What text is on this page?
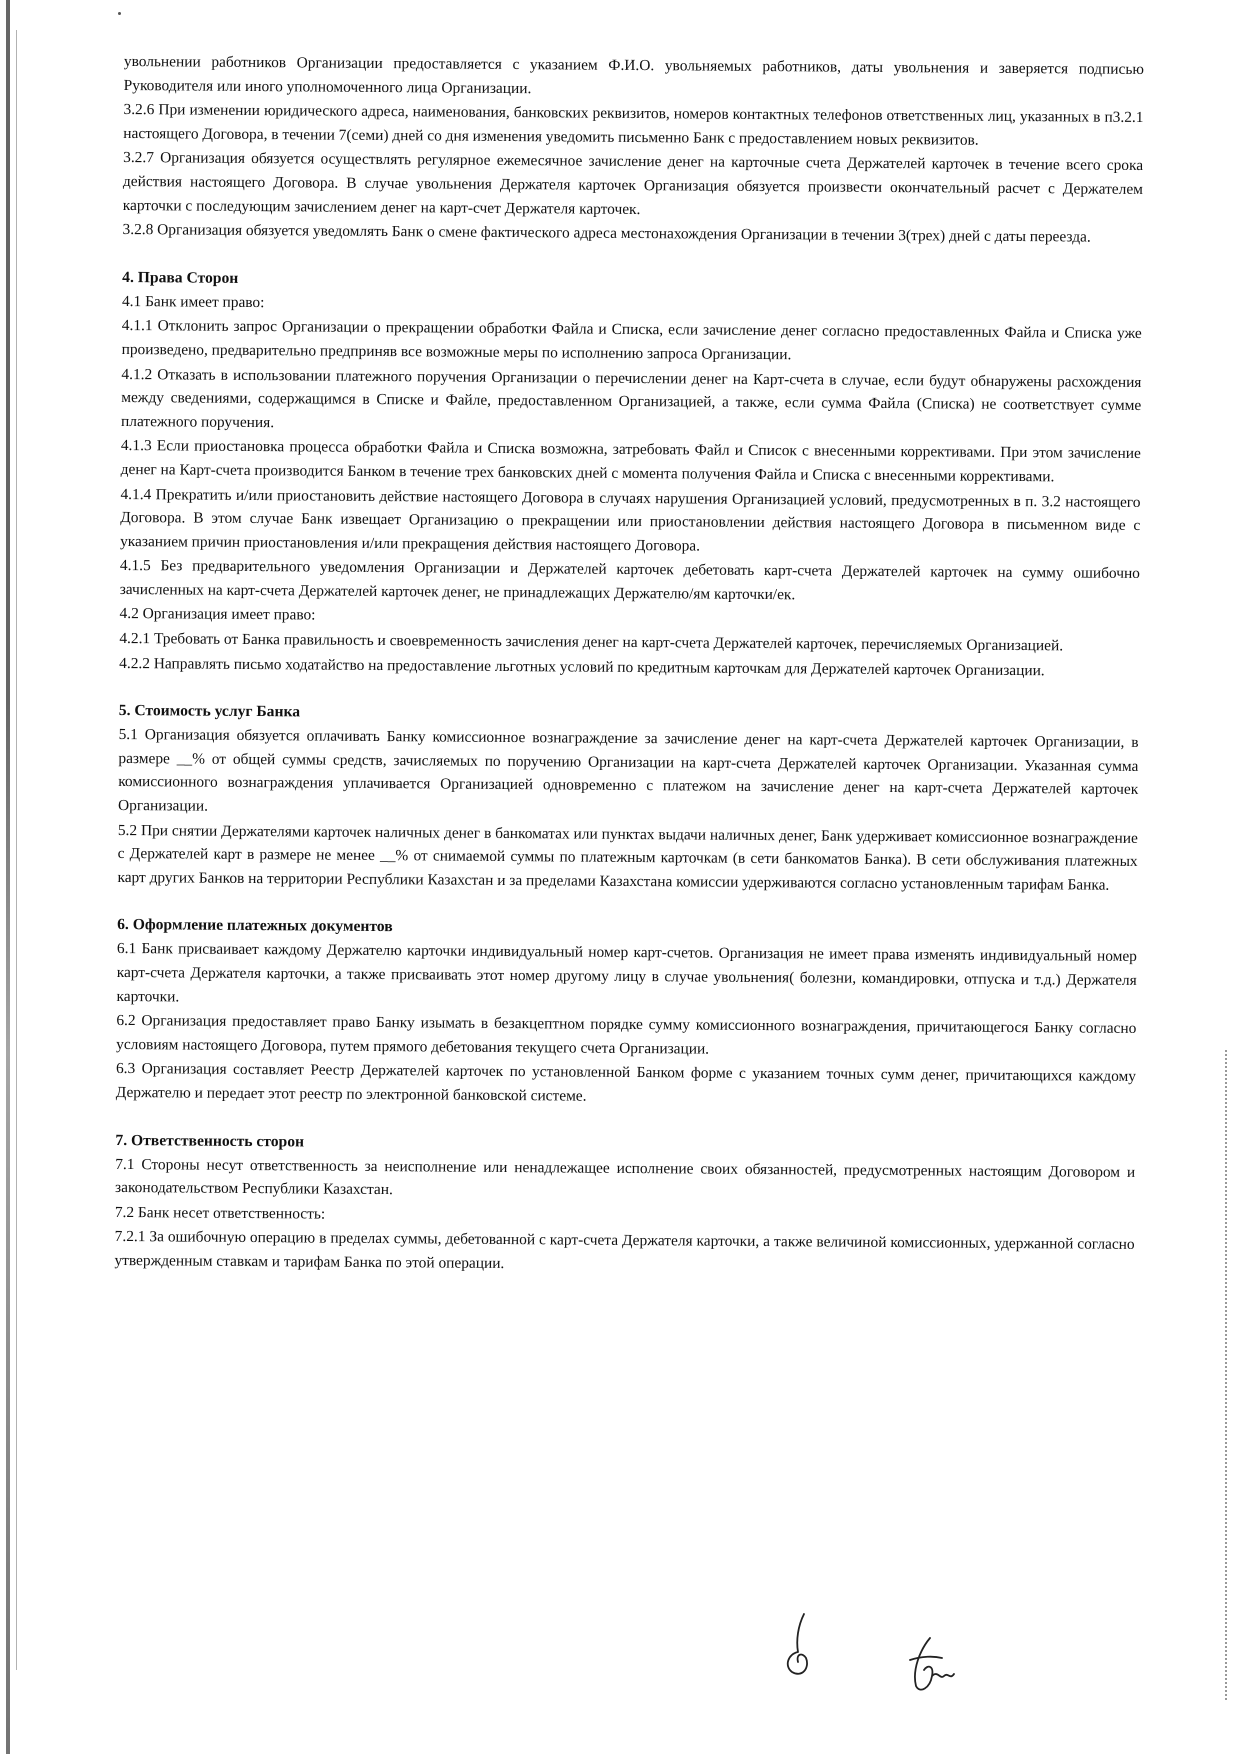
увольнении работников Организации предоставляется с указанием Ф.И.О. увольняемых работников, даты увольнения и заверяется подписью Руководителя или иного уполномоченного лица Организации.

3.2.6 При изменении юридического адреса, наименования, банковских реквизитов, номеров контактных телефонов ответственных лиц, указанных в п3.2.1 настоящего Договора, в течении 7(семи) дней со дня изменения уведомить письменно Банк с предоставлением новых реквизитов.

3.2.7 Организация обязуется осуществлять регулярное ежемесячное зачисление денег на карточные счета Держателей карточек в течение всего срока действия настоящего Договора. В случае увольнения Держателя карточек Организация обязуется произвести окончательный расчет с Держателем карточки с последующим зачислением денег на карт-счет Держателя карточек.

3.2.8 Организация обязуется уведомлять Банк о смене фактического адреса местонахождения Организации в течении 3(трех) дней с даты переезда.

4. Права Сторон

4.1 Банк имеет право:

4.1.1 Отклонить запрос Организации о прекращении обработки Файла и Списка, если зачисление денег согласно предоставленных Файла и Списка уже произведено, предварительно предприняв все возможные меры по исполнению запроса Организации.

4.1.2 Отказать в использовании платежного поручения Организации о перечислении денег на Карт-счета в случае, если будут обнаружены расхождения между сведениями, содержащимся в Списке и Файле, предоставленном Организацией, а также, если сумма Файла (Списка) не соответствует сумме платежного поручения.

4.1.3 Если приостановка процесса обработки Файла и Списка возможна, затребовать Файл и Список с внесенными коррективами. При этом зачисление денег на Карт-счета производится Банком в течение трех банковских дней с момента получения Файла и Списка с внесенными коррективами.

4.1.4 Прекратить и/или приостановить действие настоящего Договора в случаях нарушения Организацией условий, предусмотренных в п. 3.2 настоящего Договора. В этом случае Банк извещает Организацию о прекращении или приостановлении действия настоящего Договора в письменном виде с указанием причин приостановления и/или прекращения действия настоящего Договора.

4.1.5 Без предварительного уведомления Организации и Держателей карточек дебетовать карт-счета Держателей карточек на сумму ошибочно зачисленных на карт-счета Держателей карточек денег, не принадлежащих Держателю/ям карточки/ек.

4.2 Организация имеет право:

4.2.1 Требовать от Банка правильность и своевременность зачисления денег на карт-счета Держателей карточек, перечисляемых Организацией.

4.2.2 Направлять письмо ходатайство на предоставление льготных условий по кредитным карточкам для Держателей карточек Организации.

5. Стоимость услуг Банка

5.1 Организация обязуется оплачивать Банку комиссионное вознаграждение за зачисление денег на карт-счета Держателей карточек Организации, в размере __% от общей суммы средств, зачисляемых по поручению Организации на карт-счета Держателей карточек Организации. Указанная сумма комиссионного вознаграждения уплачивается Организацией одновременно с платежом на зачисление денег на карт-счета Держателей карточек Организации.

5.2 При снятии Держателями карточек наличных денег в банкоматах или пунктах выдачи наличных денег, Банк удерживает комиссионное вознаграждение с Держателей карт в размере не менее __% от снимаемой суммы по платежным карточкам (в сети банкоматов Банка). В сети обслуживания платежных карт других Банков на территории Республики Казахстан и за пределами Казахстана комиссии удерживаются согласно установленным тарифам Банка.

6. Оформление платежных документов

6.1 Банк присваивает каждому Держателю карточки индивидуальный номер карт-счетов. Организация не имеет права изменять индивидуальный номер карт-счета Держателя карточки, а также присваивать этот номер другому лицу в случае увольнения( болезни, командировки, отпуска и т.д.) Держателя карточки.

6.2 Организация предоставляет право Банку изымать в безакцептном порядке сумму комиссионного вознаграждения, причитающегося Банку согласно условиям настоящего Договора, путем прямого дебетования текущего счета Организации.

6.3 Организация составляет Реестр Держателей карточек по установленной Банком форме с указанием точных сумм денег, причитающихся каждому Держателю и передает этот реестр по электронной банковской системе.

7. Ответственность сторон

7.1 Стороны несут ответственность за неисполнение или ненадлежащее исполнение своих обязанностей, предусмотренных настоящим Договором и законодательством Республики Казахстан.

7.2 Банк несет ответственность:

7.2.1 За ошибочную операцию в пределах суммы, дебетованной с карт-счета Держателя карточки, а также величиной комиссионных, удержанной согласно утвержденным ставкам и тарифам Банка по этой операции.
